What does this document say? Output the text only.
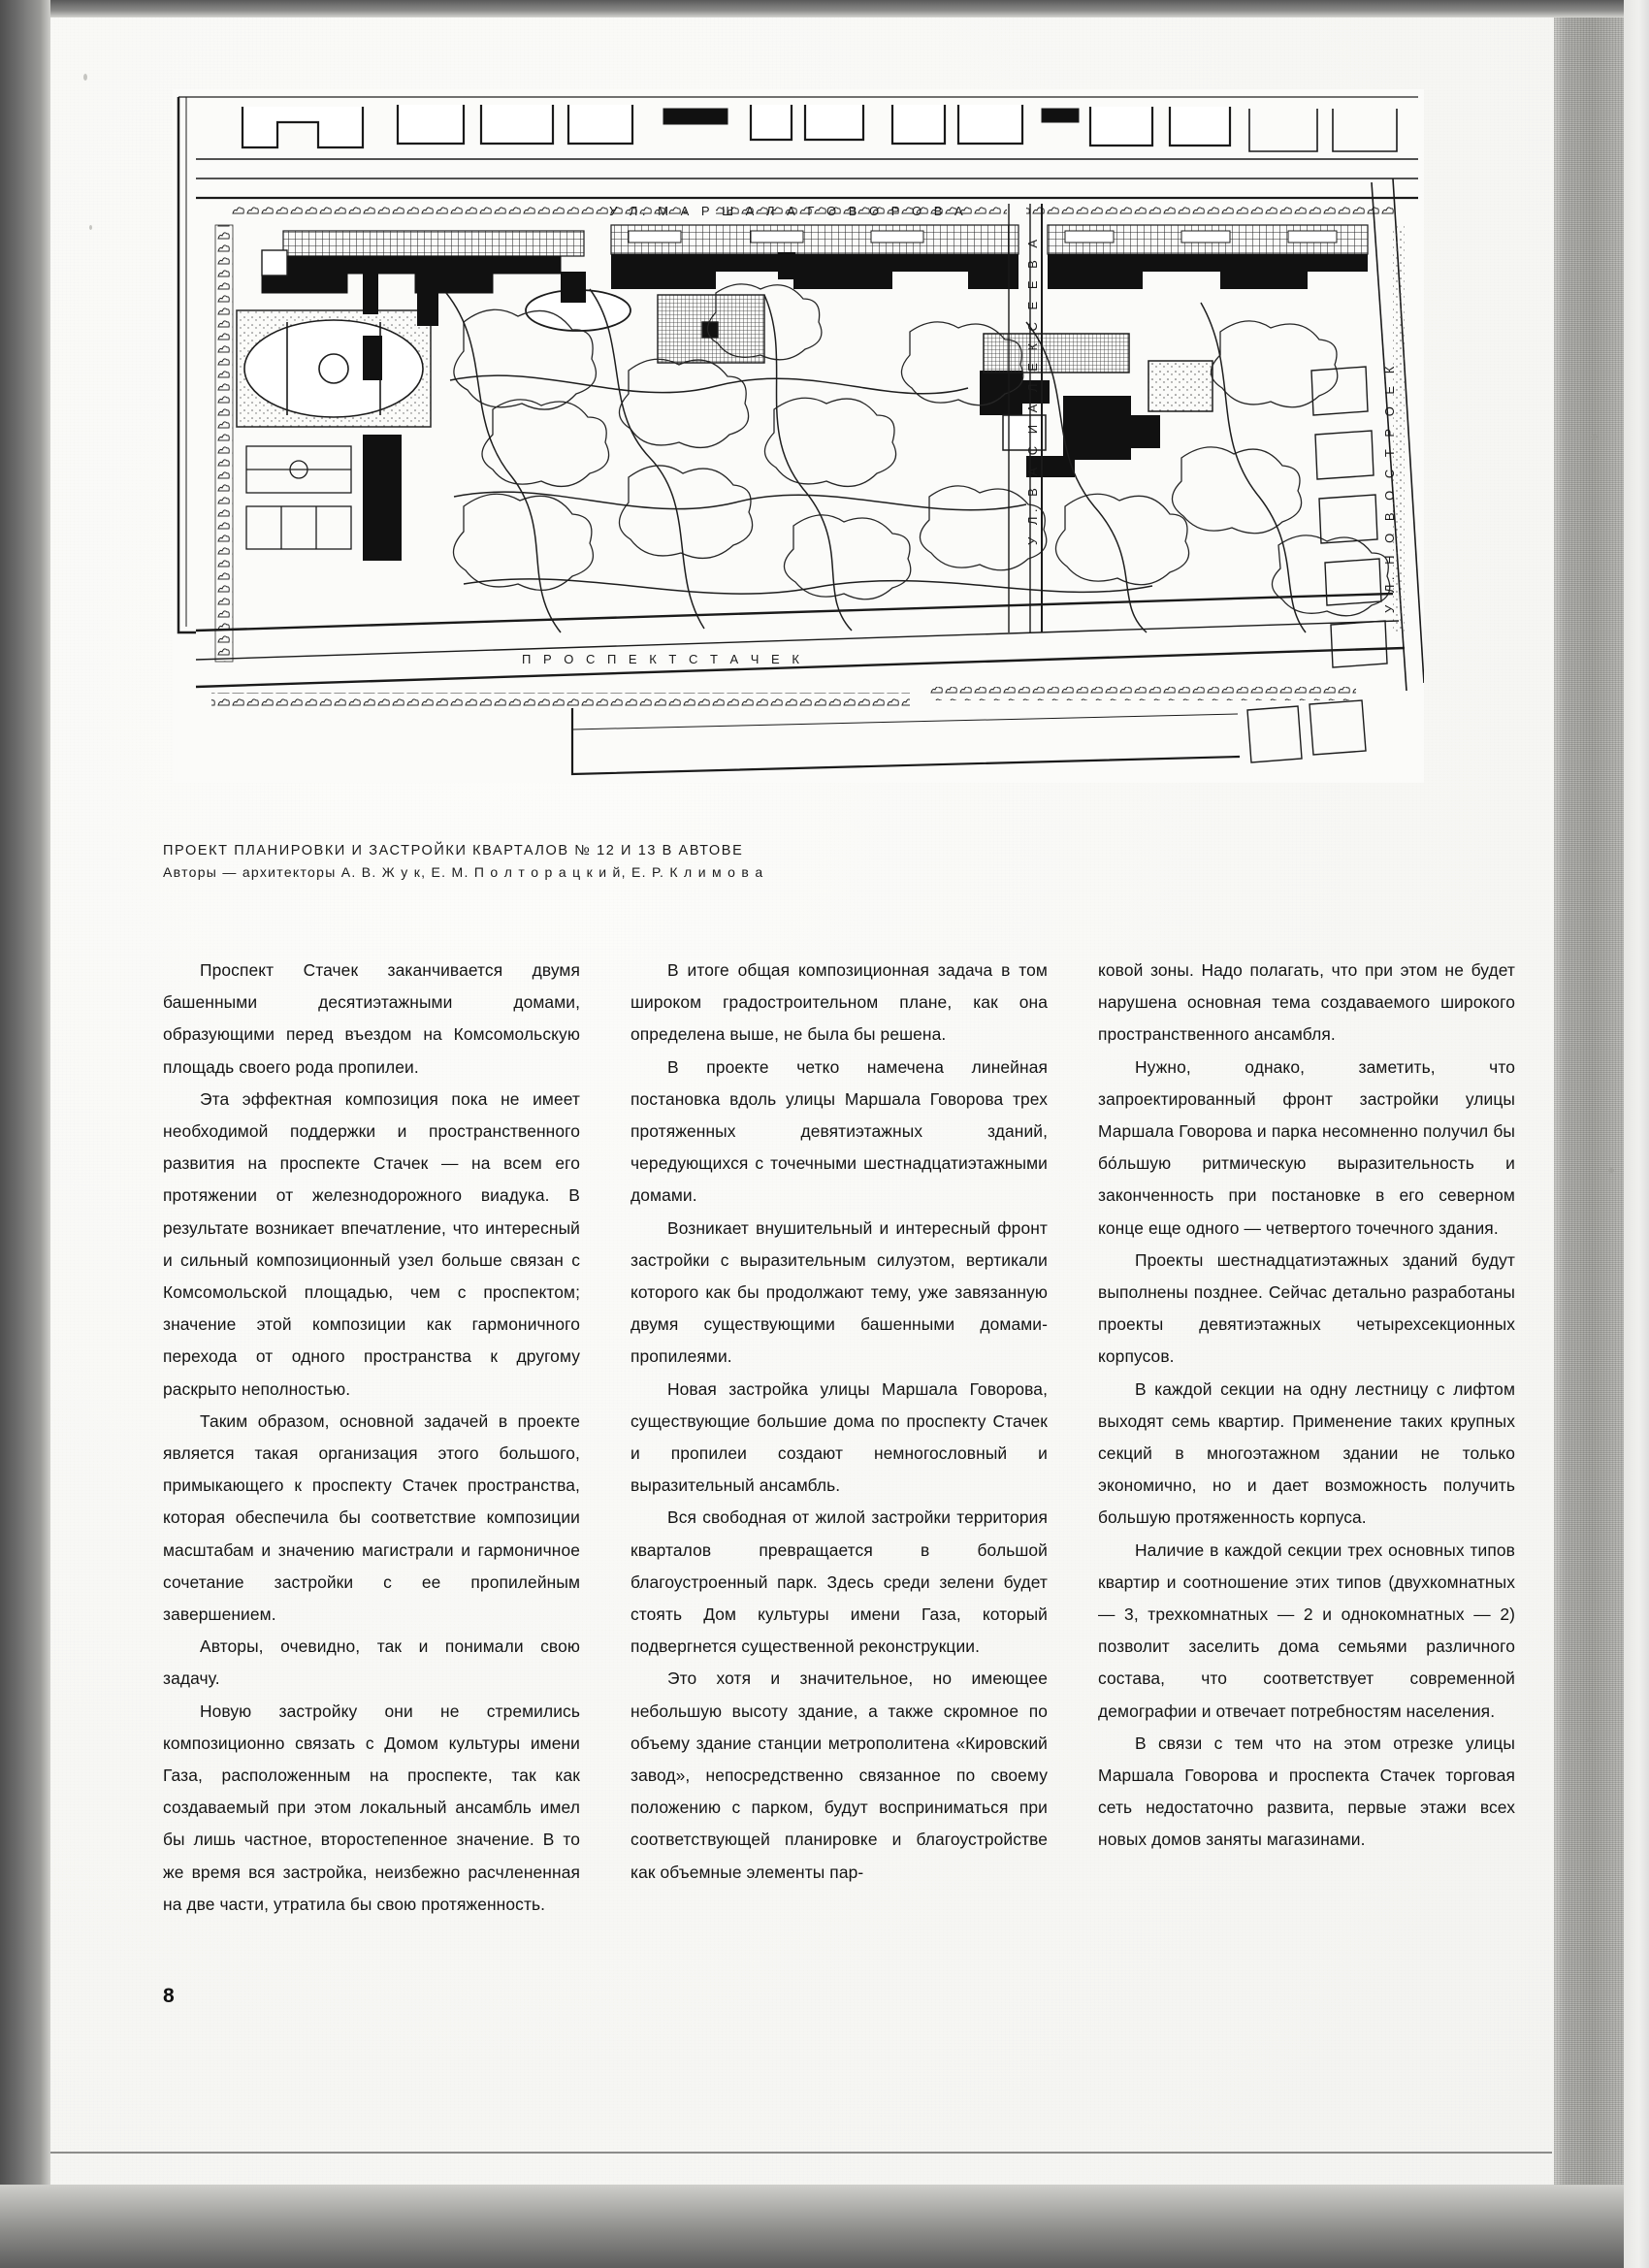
У Л. М А Р Ш А Л А Г О В О Р О В А
П Р О С П Е К Т С Т А Ч Е К
У Л. В А С И А Л Е К С Е Е В А	У Л. Н О В О С Т Р О Е К
ПРОЕКТ ПЛАНИРОВКИ И ЗАСТРОЙКИ КВАРТАЛОВ № 12 И 13 В АВТОВЕ
Авторы — архитекторы А. В. Ж у к, Е. М. П о л т о р а ц к и й, Е. Р. К л и м о в а

Проспект Стачек заканчивается двумя башенными десятиэтажными домами, образующими перед въездом на Комсомольскую площадь своего рода пропилеи.

Эта эффектная композиция пока не имеет необходимой поддержки и пространственного развития на проспекте Стачек — на всем его протяжении от железнодорожного виадука. В результате возникает впечатление, что интересный и сильный композиционный узел больше связан с Комсомольской площадью, чем с проспектом; значение этой композиции как гармоничного перехода от одного пространства к другому раскрыто неполностью.

Таким образом, основной задачей в проекте является такая организация этого большого, примыкающего к проспекту Стачек пространства, которая обеспечила бы соответствие композиции масштабам и значению магистрали и гармоничное сочетание застройки с ее пропилейным завершением.

Авторы, очевидно, так и понимали свою задачу.

Новую застройку они не стремились композиционно связать с Домом культуры имени Газа, расположенным на проспекте, так как создаваемый при этом локальный ансамбль имел бы лишь частное, второстепенное значение. В то же время вся застройка, неизбежно расчлененная на две части, утратила бы свою протяженность.

В итоге общая композиционная задача в том широком градостроительном плане, как она определена выше, не была бы решена.

В проекте четко намечена линейная постановка вдоль улицы Маршала Говорова трех протяженных девятиэтажных зданий, чередующихся с точечными шестнадцатиэтажными домами.

Возникает внушительный и интересный фронт застройки с выразительным силуэтом, вертикали которого как бы продолжают тему, уже завязанную двумя существующими башенными домами-пропилеями.

Новая застройка улицы Маршала Говорова, существующие большие дома по проспекту Стачек и пропилеи создают немногословный и выразительный ансамбль.

Вся свободная от жилой застройки территория кварталов превращается в большой благоустроенный парк. Здесь среди зелени будет стоять Дом культуры имени Газа, который подвергнется существенной реконструкции.

Это хотя и значительное, но имеющее небольшую высоту здание, а также скромное по объему здание станции метрополитена «Кировский завод», непосредственно связанное по своему положению с парком, будут восприниматься при соответствующей планировке и благоустройстве как объемные элементы пар-

ковой зоны. Надо полагать, что при этом не будет нарушена основная тема создаваемого широкого пространственного ансамбля.

Нужно, однако, заметить, что запроектированный фронт застройки улицы Маршала Говорова и парка несомненно получил бы бо́льшую ритмическую выразительность и законченность при постановке в его северном конце еще одного — четвертого точечного здания.

Проекты шестнадцатиэтажных зданий будут выполнены позднее. Сейчас детально разработаны проекты девятиэтажных четырехсекционных корпусов.

В каждой секции на одну лестницу с лифтом выходят семь квартир. Применение таких крупных секций в многоэтажном здании не только экономично, но и дает возможность получить большую протяженность корпуса.

Наличие в каждой секции трех основных типов квартир и соотношение этих типов (двухкомнатных — 3, трехкомнатных — 2 и однокомнатных — 2) позволит заселить дома семьями различного состава, что соответствует современной демографии и отвечает потребностям населения.

В связи с тем что на этом отрезке улицы Маршала Говорова и проспекта Стачек торговая сеть недостаточно развита, первые этажи всех новых домов заняты магазинами.

8
